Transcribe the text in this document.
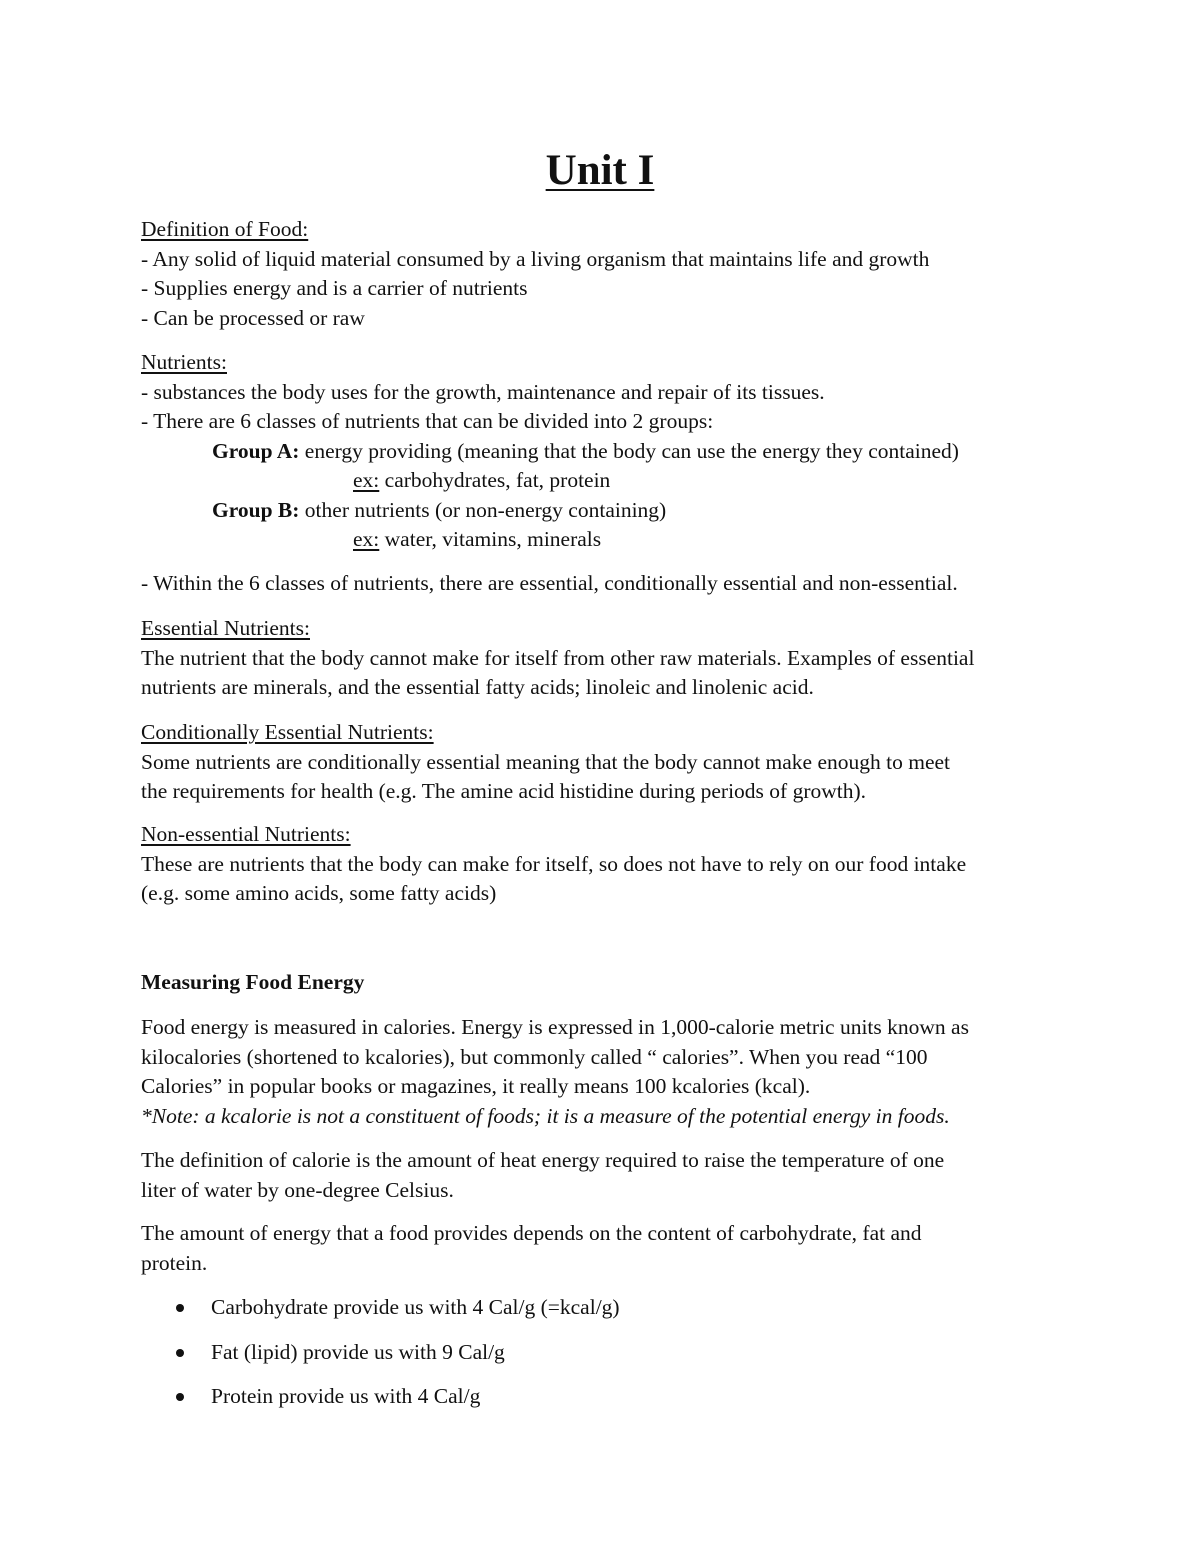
Unit I
Definition of Food:
- Any solid of liquid material consumed by a living organism that maintains life and growth
- Supplies energy and is a carrier of nutrients
- Can be processed or raw
Nutrients:
- substances the body uses for the growth, maintenance and repair of its tissues.
- There are 6 classes of nutrients that can be divided into 2 groups:
Group A: energy providing (meaning that the body can use the energy they contained)
ex: carbohydrates, fat, protein
Group B: other nutrients (or non-energy containing)
ex: water, vitamins, minerals
- Within the 6 classes of nutrients, there are essential, conditionally essential and non-essential.
Essential Nutrients:
The nutrient that the body cannot make for itself from other raw materials. Examples of essential
nutrients are minerals, and the essential fatty acids; linoleic and linolenic acid.
Conditionally Essential Nutrients:
Some nutrients are conditionally essential meaning that the body cannot make enough to meet
the requirements for health (e.g. The amine acid histidine during periods of growth).
Non-essential Nutrients:
These are nutrients that the body can make for itself, so does not have to rely on our food intake
(e.g. some amino acids, some fatty acids)
Measuring Food Energy
Food energy is measured in calories. Energy is expressed in 1,000-calorie metric units known as
kilocalories (shortened to kcalories), but commonly called “ calories”. When you read “100
Calories” in popular books or magazines, it really means 100 kcalories (kcal).
*Note: a kcalorie is not a constituent of foods; it is a measure of the potential energy in foods.
The definition of calorie is the amount of heat energy required to raise the temperature of one
liter of water by one-degree Celsius.
The amount of energy that a food provides depends on the content of carbohydrate, fat and
protein.
Carbohydrate provide us with 4 Cal/g (=kcal/g)
Fat (lipid) provide us with 9 Cal/g
Protein provide us with 4 Cal/g
